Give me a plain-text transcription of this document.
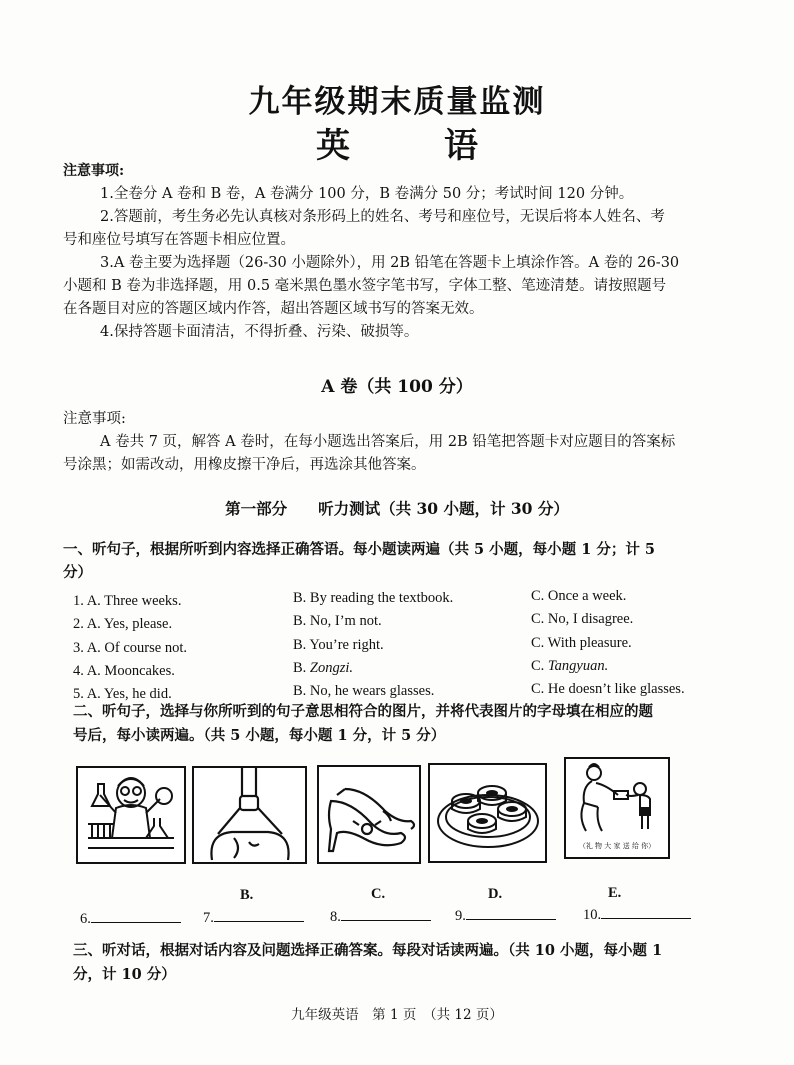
九年级期末质量监测
英　语
注意事项:
1.全卷分 A 卷和 B 卷，A 卷满分 100 分，B 卷满分 50 分；考试时间 120 分钟。
2.答题前，考生务必先认真核对条形码上的姓名、考号和座位号，无误后将本人姓名、考
号和座位号填写在答题卡相应位置。
3.A 卷主要为选择题（26-30 小题除外），用 2B 铅笔在答题卡上填涂作答。A 卷的 26-30
小题和 B 卷为非选择题，用 0.5 毫米黑色墨水签字笔书写，字体工整、笔迹清楚。请按照题号
在各题目对应的答题区域内作答，超出答题区域书写的答案无效。
4.保持答题卡面清洁，不得折叠、污染、破损等。
A 卷（共 100 分）
注意事项:
A 卷共 7 页，解答 A 卷时，在每小题选出答案后，用 2B 铅笔把答题卡对应题目的答案标
号涂黑；如需改动，用橡皮擦干净后，再选涂其他答案。
第一部分　　听力测试（共 30 小题，计 30 分）
一、听句子，根据所听到内容选择正确答语。每小题读两遍（共 5 小题，每小题 1 分；计 5
分）
1. A. Three weeks.	B. By reading the textbook.	C. Once a week.
2. A. Yes, please.	B. No, I’m not.	C. No, I disagree.
3. A. Of course not.	B. You’re right.	C. With pleasure.
4. A. Mooncakes.	B. Zongzi.	C. Tangyuan.
5. A. Yes, he did.	B. No, he wears glasses.	C. He doesn’t like glasses.
二、听句子，选择与你所听到的句子意思相符合的图片，并将代表图片的字母填在相应的题
号后，每小读两遍。（共 5 小题，每小题 1 分，计 5 分）
（礼 物 大 家 送 给 你）
B.	C.	D.	E.
6.	7.	8.	9.	10.
三、听对话，根据对话内容及问题选择正确答案。每段对话读两遍。（共 10 小题，每小题 1
分，计 10 分）
九年级英语　第 1 页　（共 12 页）
